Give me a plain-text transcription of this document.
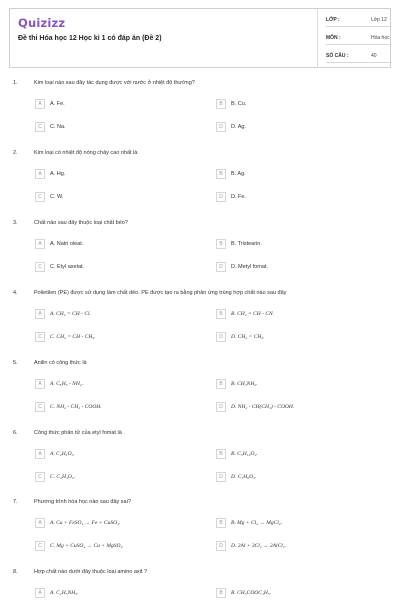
Quizizz
Đề thi Hóa học 12 Học kì 1 có đáp án (Đề 2)
LỚP :	Lớp 12
MÔN :	Hóa học
SỐ CÂU :	40
1.	Kim loại nào sau đây tác dụng được với nước ở nhiệt độ thường?
A	A. Fe.	B	B. Cu.
C	C. Na.	D	D. Ag.
2.	Kim loại có nhiệt độ nóng chảy cao nhất là
A	A. Hg.	B	B. Ag.
C	C. W.	D	D. Fe.
3.	Chất nào sau đây thuộc loại chất béo?
A	A. Natri oleat.	B	B. Tristearin.
C	C. Etyl axetat.	D	D. Metyl fomat.
4.	Polietilen (PE) được sử dụng làm chất dẻo. PE được tạo ra bằng phản ứng trùng hợp chất nào sau đây
A	A. CH₂ = CH - Cl.	B	B. CH₂ = CH - CN.
C	C. CH₂ = CH - CH₃.	D	D. CH₂ = CH₂.
5.	Anilin có công thức là
A	A. C₆H₅ - NH₂.	B	B. CH₃NH₂.
C	C. NH₂ - CH₂ - COOH.	D	D. NH₂ - CH(CH₃) - COOH.
6.	Công thức phân tử của etyl fomat là
A	A. C₄H₈O₂.	B	B. C₅H₁₀O₂.
C	C. C₂H₄O₂.	D	D. C₃H₆O₂.
7.	Phương trình hóa học nào sau đây sai?
A	A. Cu + FeSO₄ → Fe + CuSO₄.	B	B. Mg + Cl₂ → MgCl₂.
C	C. Mg + CuSO₄ → Cu + MgSO₄.	D	D. 2Al + 3Cl₂ → 2AlCl₃.
8.	Hợp chất nào dưới đây thuộc loại amino axit ?
A	A. C₂H₅NH₂.	B	B. CH₃COOC₂H₅.
